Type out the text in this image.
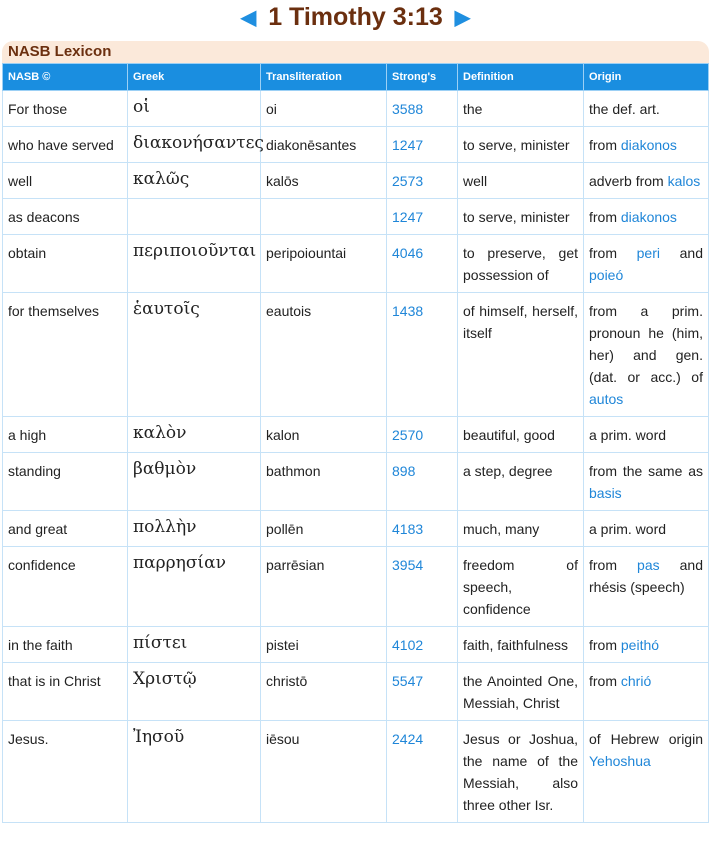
◀ 1 Timothy 3:13 ▶
NASB Lexicon
NASB ©	Greek	Transliteration	Strong's	Definition	Origin
For those	οἱ	oi	3588	the	the def. art.
who have served	διακονήσαντες	diakonēsantes	1247	to serve, minister	from diakonos
well	καλῶς	kalōs	2573	well	adverb from kalos
as deacons			1247	to serve, minister	from diakonos
obtain	περιποιοῦνται	peripoiountai	4046	to preserve, get possession of	from peri and poieó
for themselves	ἑαυτοῖς	eautois	1438	of himself, herself, itself	from a prim. pronoun he (him, her) and gen. (dat. or acc.) of autos
a high	καλὸν	kalon	2570	beautiful, good	a prim. word
standing	βαθμὸν	bathmon	898	a step, degree	from the same as basis
and great	πολλὴν	pollēn	4183	much, many	a prim. word
confidence	παρρησίαν	parrēsian	3954	freedom of speech, confidence	from pas and rhésis (speech)
in the faith	πίστει	pistei	4102	faith, faithfulness	from peithó
that is in Christ	Χριστῷ	christō	5547	the Anointed One, Messiah, Christ	from chrió
Jesus.	Ἰησοῦ	iēsou	2424	Jesus or Joshua, the name of the Messiah, also three other Isr.	of Hebrew origin Yehoshua
